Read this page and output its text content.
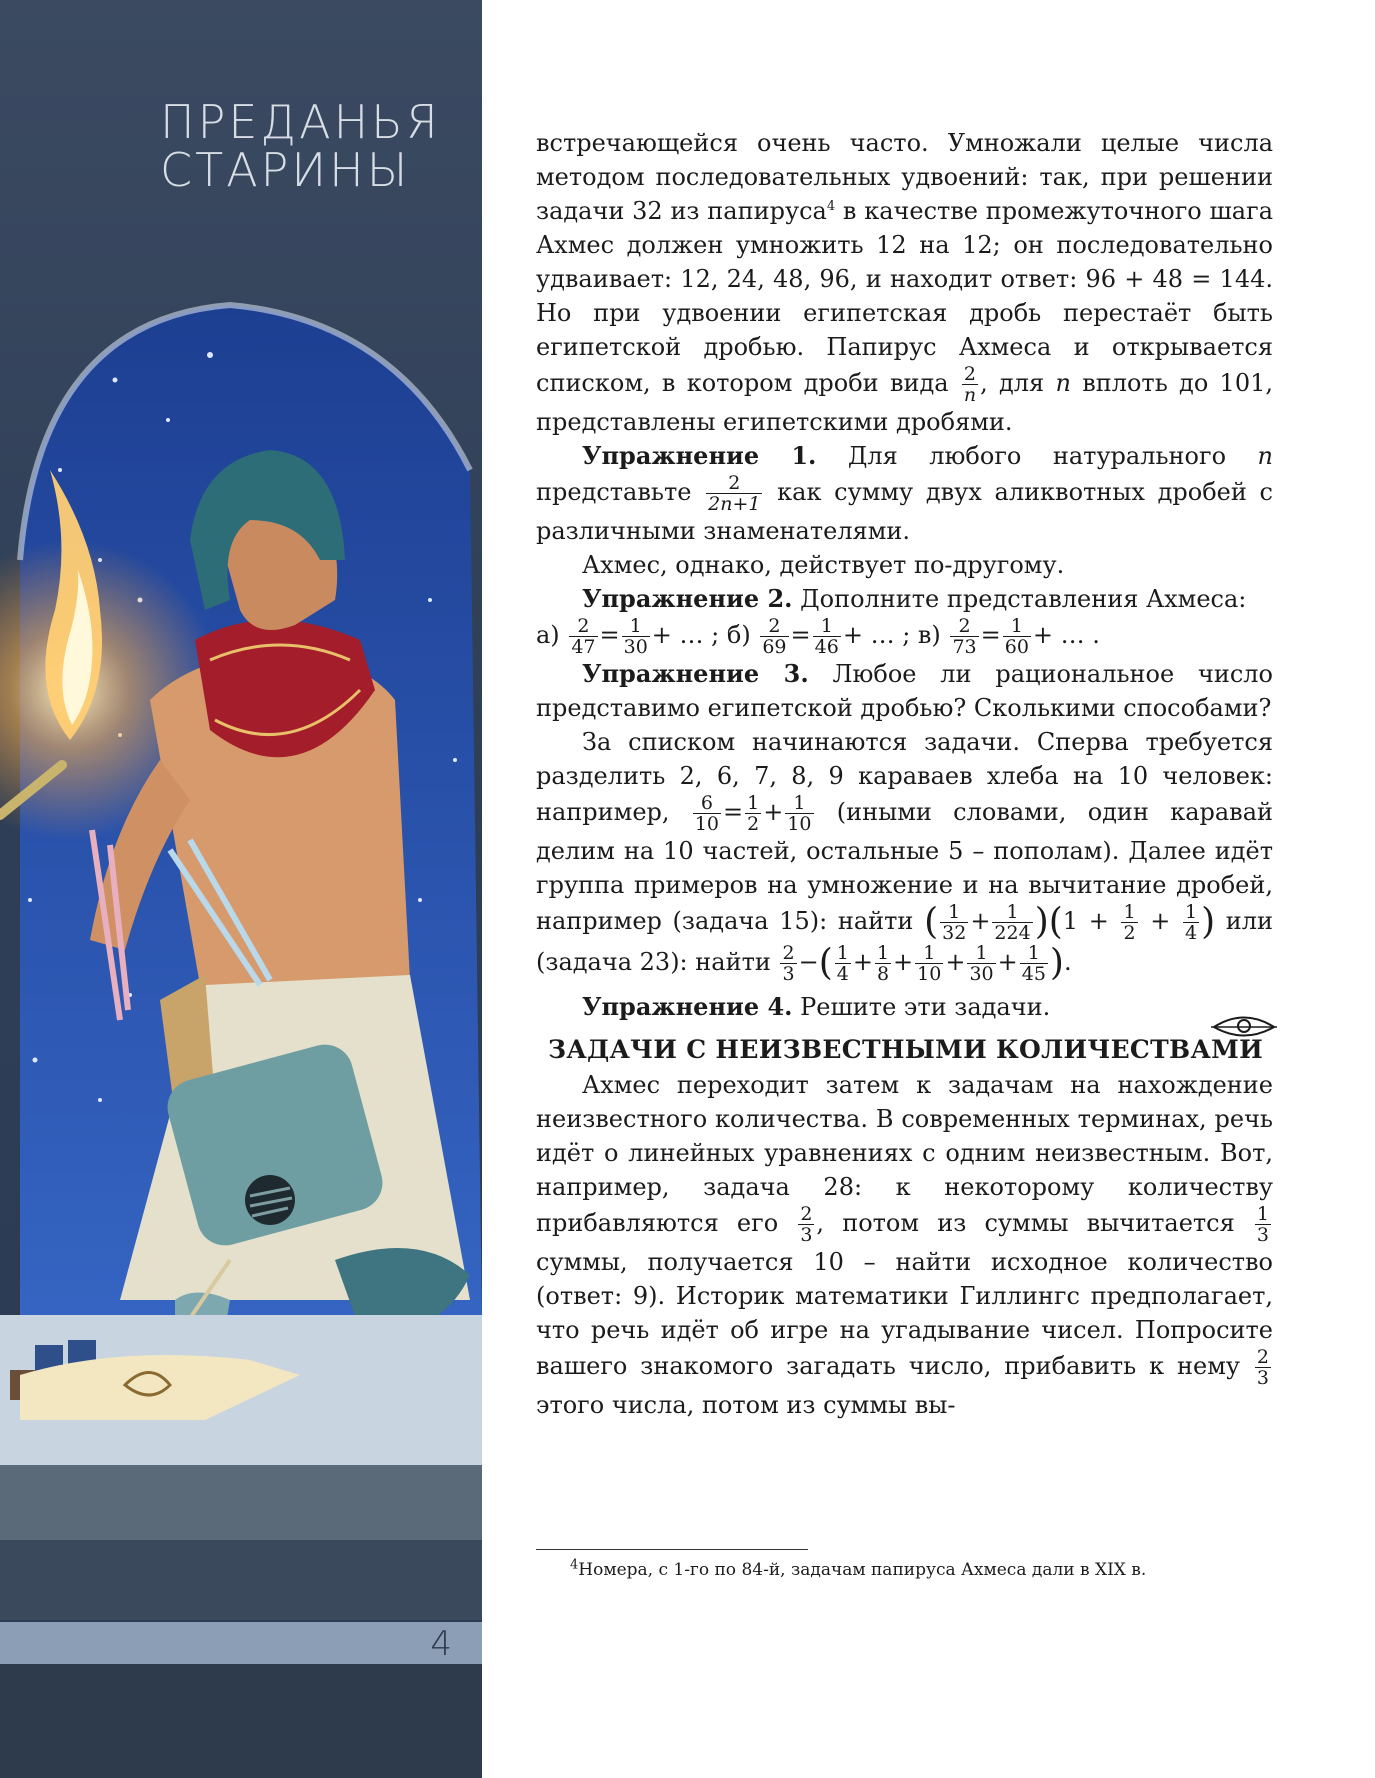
ПРЕДАНЬЯ
СТАРИНЫ
4

встречающейся очень часто. Умножали целые числа методом последовательных удвоений: так, при решении задачи 32 из папируса$^4$ в качестве промежуточного шага Ахмес должен умножить 12 на 12; он последовательно удваивает: 12, 24, 48, 96, и находит ответ: 96 + 48 = 144. Но при удвоении египетская дробь перестаёт быть египетской дробью. Папирус Ахмеса и открывается списком, в котором дроби вида $\frac{2}{n}$ , для n вплоть до 101, представлены египетскими дробями.

Упражнение 1. Для любого натурального n представьте $\frac{2}{2n+1}$ как сумму двух аликвотных дробей с различными знаменателями.

Ахмес, однако, действует по-другому.

Упражнение 2. Дополните представления Ахмеса:

$а) \frac{2}{47} = \frac{1}{30}$ + … ; $б) \frac{2}{69} = \frac{1}{46}$ + … ; $в) \frac{2}{73} = \frac{1}{60}$ + … .

Упражнение 3. Любое ли рациональное число представимо египетской дробью? Сколькими способами?

За списком начинаются задачи. Сперва требуется разделить 2, 6, 7, 8, 9 караваев хлеба на 10 человек: например, $\frac{6}{10} = \frac{1}{2} + \frac{1}{10}$ (иными словами, один каравай делим на 10 частей, остальные 5 – пополам). Далее идёт группа примеров на умножение и на вычитание дробей, например (задача 15): найти ( $\frac{1}{32} + \frac{1}{224} )(1 + \frac{1}{2} + \frac{1}{4}$ ) или (задача 23): найти $\frac{2}{3}$ −( $\frac{1}{4} + \frac{1}{8} + \frac{1}{10} + \frac{1}{30} + \frac{1}{45}$ ).

Упражнение 4. Решите эти задачи.

ЗАДАЧИ С НЕИЗВЕСТНЫМИ КОЛИЧЕСТВАМИ

Ахмес переходит затем к задачам на нахождение неизвестного количества. В современных терминах, речь идёт о линейных уравнениях с одним неизвестным. Вот, например, задача 28: к некоторому количеству прибавляются его $\frac{2}{3}$ , потом из суммы вычитается $\frac{1}{3}$
суммы, получается 10 – найти исходное количество (ответ: 9). Историк математики Гиллингс предполагает, что речь идёт об игре на угадывание чисел. Попросите вашего знакомого загадать число, прибавить к нему $\frac{2}{3}$
этого числа, потом из суммы вы-

$^4$Номера, с 1-го по 84-й, задачам папируса Ахмеса дали в XIX в.
